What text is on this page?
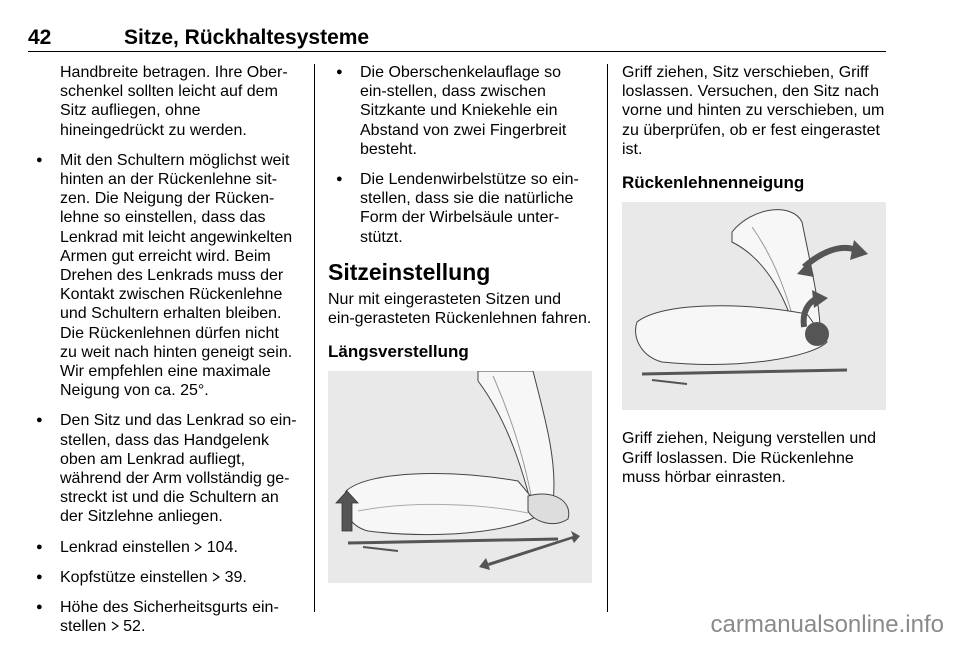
42	Sitze, Rückhaltesysteme

Handbreite betragen. Ihre Ober-
schenkel sollten leicht auf dem
Sitz aufliegen, ohne
hineingedrückt zu werden.

● Mit den Schultern möglichst weit hinten an der Rückenlehne sit-zen. Die Neigung der Rücken-lehne so einstellen, dass das Lenkrad mit leicht angewinkelten Armen gut erreicht wird. Beim Drehen des Lenkrads muss der Kontakt zwischen Rückenlehne und Schultern erhalten bleiben. Die Rückenlehnen dürfen nicht zu weit nach hinten geneigt sein. Wir empfehlen eine maximale Neigung von ca. 25°.
● Den Sitz und das Lenkrad so ein-stellen, dass das Handgelenk oben am Lenkrad aufliegt, während der Arm vollständig ge-streckt ist und die Schultern an der Sitzlehne anliegen.
● Lenkrad einstellen 104.
● Kopfstütze einstellen 39.
● Höhe des Sicherheitsgurts ein-stellen 52.
● Die Oberschenkelauflage so ein-stellen, dass zwischen Sitzkante und Kniekehle ein Abstand von zwei Fingerbreit besteht.
● Die Lendenwirbelstütze so ein-stellen, dass sie die natürliche Form der Wirbelsäule unter-stützt.

Sitzeinstellung

Nur mit eingerasteten Sitzen und ein-gerasteten Rückenlehnen fahren.

Längsverstellung

Griff ziehen, Sitz verschieben, Griff loslassen. Versuchen, den Sitz nach vorne und hinten zu verschieben, um zu überprüfen, ob er fest eingerastet ist.

Rückenlehnenneigung

Griff ziehen, Neigung verstellen und Griff loslassen. Die Rückenlehne muss hörbar einrasten.

carmanualsonline.info
